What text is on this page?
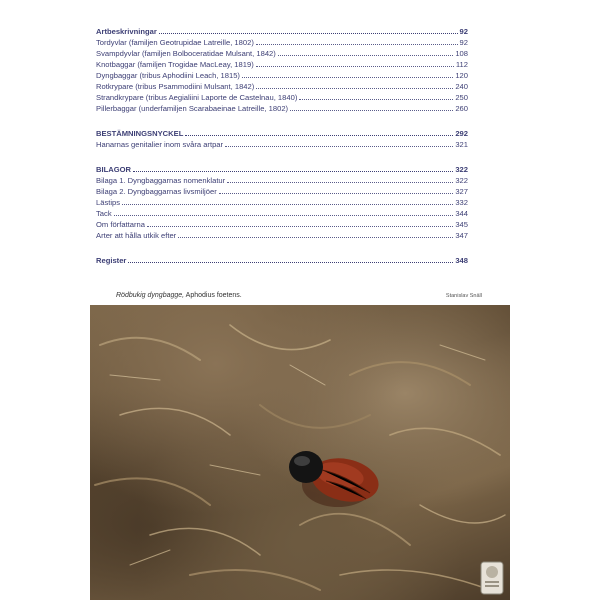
Artbeskrivningar	92
Tordyvlar (familjen Geotrupidae Latreille, 1802)	92
Svampdyvlar (familjen Bolboceratidae Mulsant, 1842)	108
Knotbaggar (familjen Trogidae MacLeay, 1819)	112
Dyngbaggar (tribus Aphodiini Leach, 1815)	120
Rotkrypare (tribus Psammodiini Mulsant, 1842)	240
Strandkrypare (tribus Aegialiini Laporte de Castelnau, 1840)	250
Pillerbaggar (underfamiljen Scarabaeinae Latreille, 1802)	260
BESTÄMNINGSNYCKEL	292
Hanarnas genitalier inom svåra artpar	321
BILAGOR	322
Bilaga 1. Dyngbaggarnas nomenklatur	322
Bilaga 2. Dyngbaggarnas livsmiljöer	327
Lästips	332
Tack	344
Om författarna	345
Arter att hålla utkik efter	347
Register	348
Rödbukig dyngbagge, Aphodius foetens.	Stanislav Snäll
